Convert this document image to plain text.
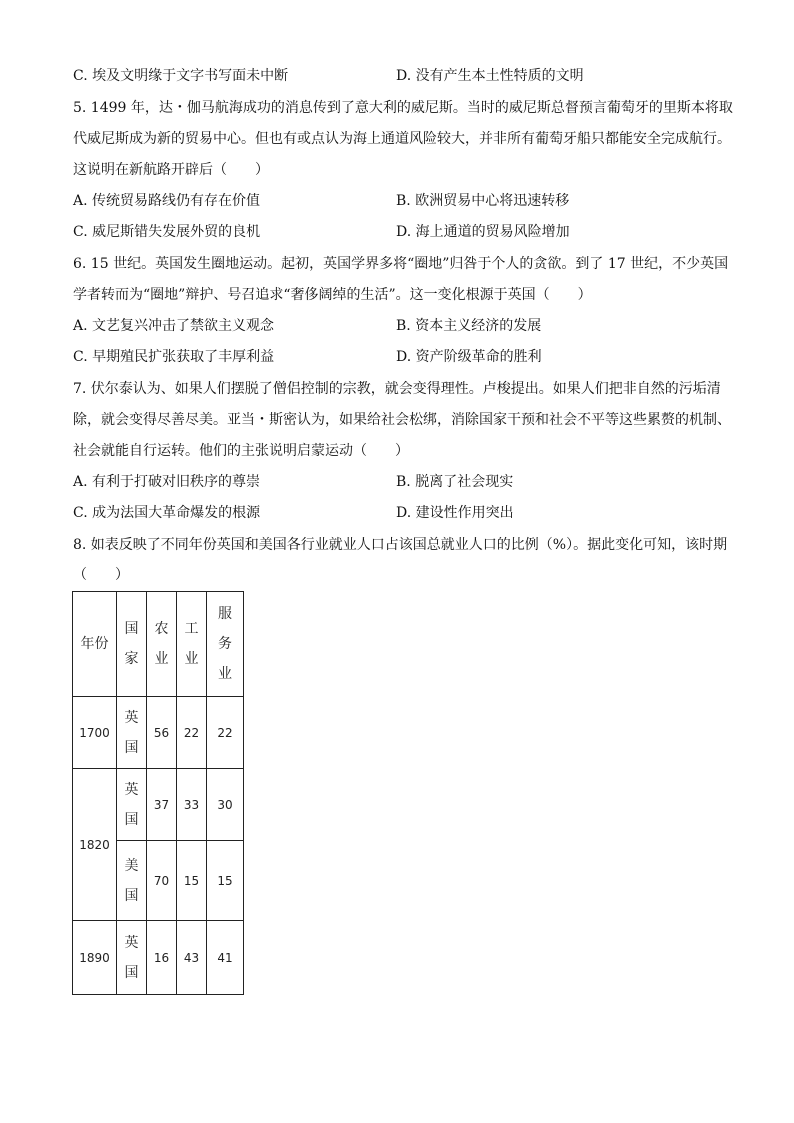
C. 埃及文明缘于文字书写面未中断	D. 没有产生本土性特质的文明
5. 1499 年，达・伽马航海成功的消息传到了意大利的威尼斯。当时的威尼斯总督预言葡萄牙的里斯本将取
代威尼斯成为新的贸易中心。但也有或点认为海上通道风险较大，并非所有葡萄牙船只都能安全完成航行。
这说明在新航路开辟后（　　）
A. 传统贸易路线仍有存在价值	B. 欧洲贸易中心将迅速转移
C. 威尼斯错失发展外贸的良机	D. 海上通道的贸易风险增加
6. 15 世纪。英国发生圈地运动。起初，英国学界多将“圈地”归咎于个人的贪欲。到了 17 世纪，不少英国
学者转而为“圈地”辩护、号召追求“奢侈阔绰的生活”。这一变化根源于英国（　　）
A. 文艺复兴冲击了禁欲主义观念	B. 资本主义经济的发展
C. 早期殖民扩张获取了丰厚利益	D. 资产阶级革命的胜利
7. 伏尔泰认为、如果人们摆脱了僧侣控制的宗教，就会变得理性。卢梭提出。如果人们把非自然的污垢清
除，就会变得尽善尽美。亚当・斯密认为，如果给社会松绑，消除国家干预和社会不平等这些累赘的机制、
社会就能自行运转。他们的主张说明启蒙运动（　　）
A. 有利于打破对旧秩序的尊崇	B. 脱离了社会现实
C. 成为法国大革命爆发的根源	D. 建设性作用突出
8. 如表反映了不同年份英国和美国各行业就业人口占该国总就业人口的比例（%）。据此变化可知，该时期
（　　）
年份	国家	农业	工业	服务业

1700	英国	56	22	22
1820	英国	37	33	30

	美国	70	15	15
1890	英国	16	43	41
